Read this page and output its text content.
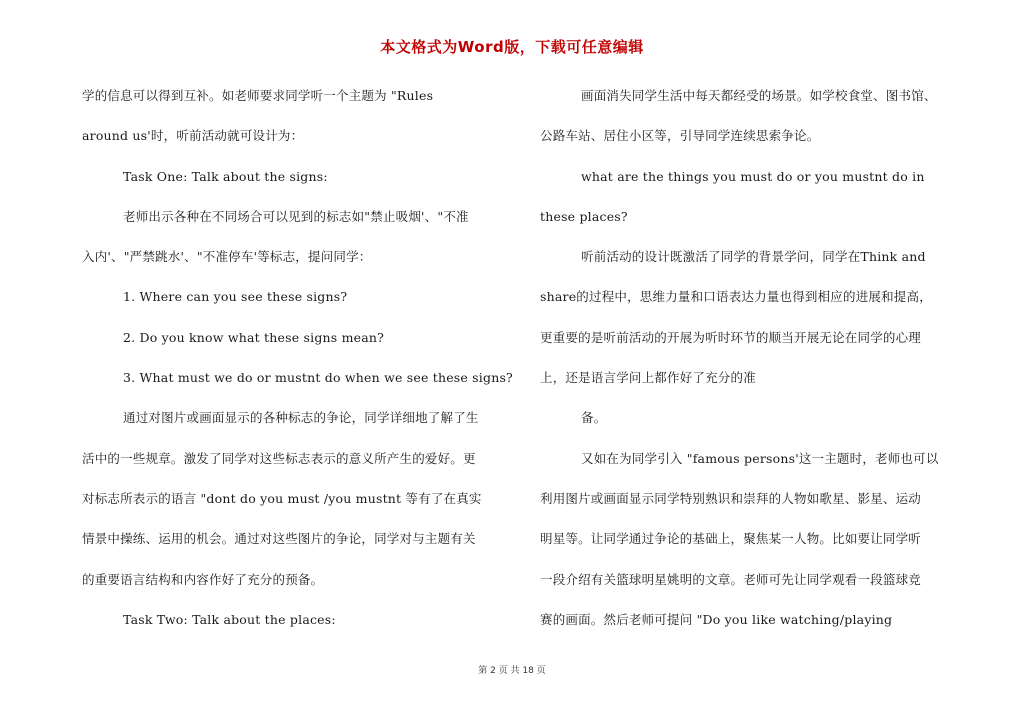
本文格式为Word版，下载可任意编辑
学的信息可以得到互补。如老师要求同学听一个主题为 "Rules
around us'时，听前活动就可设计为：
Task One: Talk about the signs:
老师出示各种在不同场合可以见到的标志如"禁止吸烟'、"不准
入内'、"严禁跳水'、"不准停车'等标志，提问同学：
1. Where can you see these signs?
2. Do you know what these signs mean?
3. What must we do or mustnt do when we see these signs?
通过对图片或画面显示的各种标志的争论，同学详细地了解了生
活中的一些规章。激发了同学对这些标志表示的意义所产生的爱好。更
对标志所表示的语言 "dont do you must /you mustnt 等有了在真实
情景中操练、运用的机会。通过对这些图片的争论，同学对与主题有关
的重要语言结构和内容作好了充分的预备。
Task Two: Talk about the places:
画面消失同学生活中每天都经受的场景。如学校食堂、图书馆、
公路车站、居住小区等，引导同学连续思索争论。
what are the things you must do or you mustnt do in
these places?
听前活动的设计既激活了同学的背景学问，同学在Think and
share的过程中，思维力量和口语表达力量也得到相应的进展和提高，
更重要的是听前活动的开展为听时环节的顺当开展无论在同学的心理
上，还是语言学问上都作好了充分的准
备。
又如在为同学引入 "famous persons'这一主题时，老师也可以
利用图片或画面显示同学特别熟识和崇拜的人物如歌星、影星、运动
明星等。让同学通过争论的基础上，聚焦某一人物。比如要让同学听
一段介绍有关篮球明星姚明的文章。老师可先让同学观看一段篮球竞
赛的画面。然后老师可提问 "Do you like watching/playing
第 2 页 共 18 页
